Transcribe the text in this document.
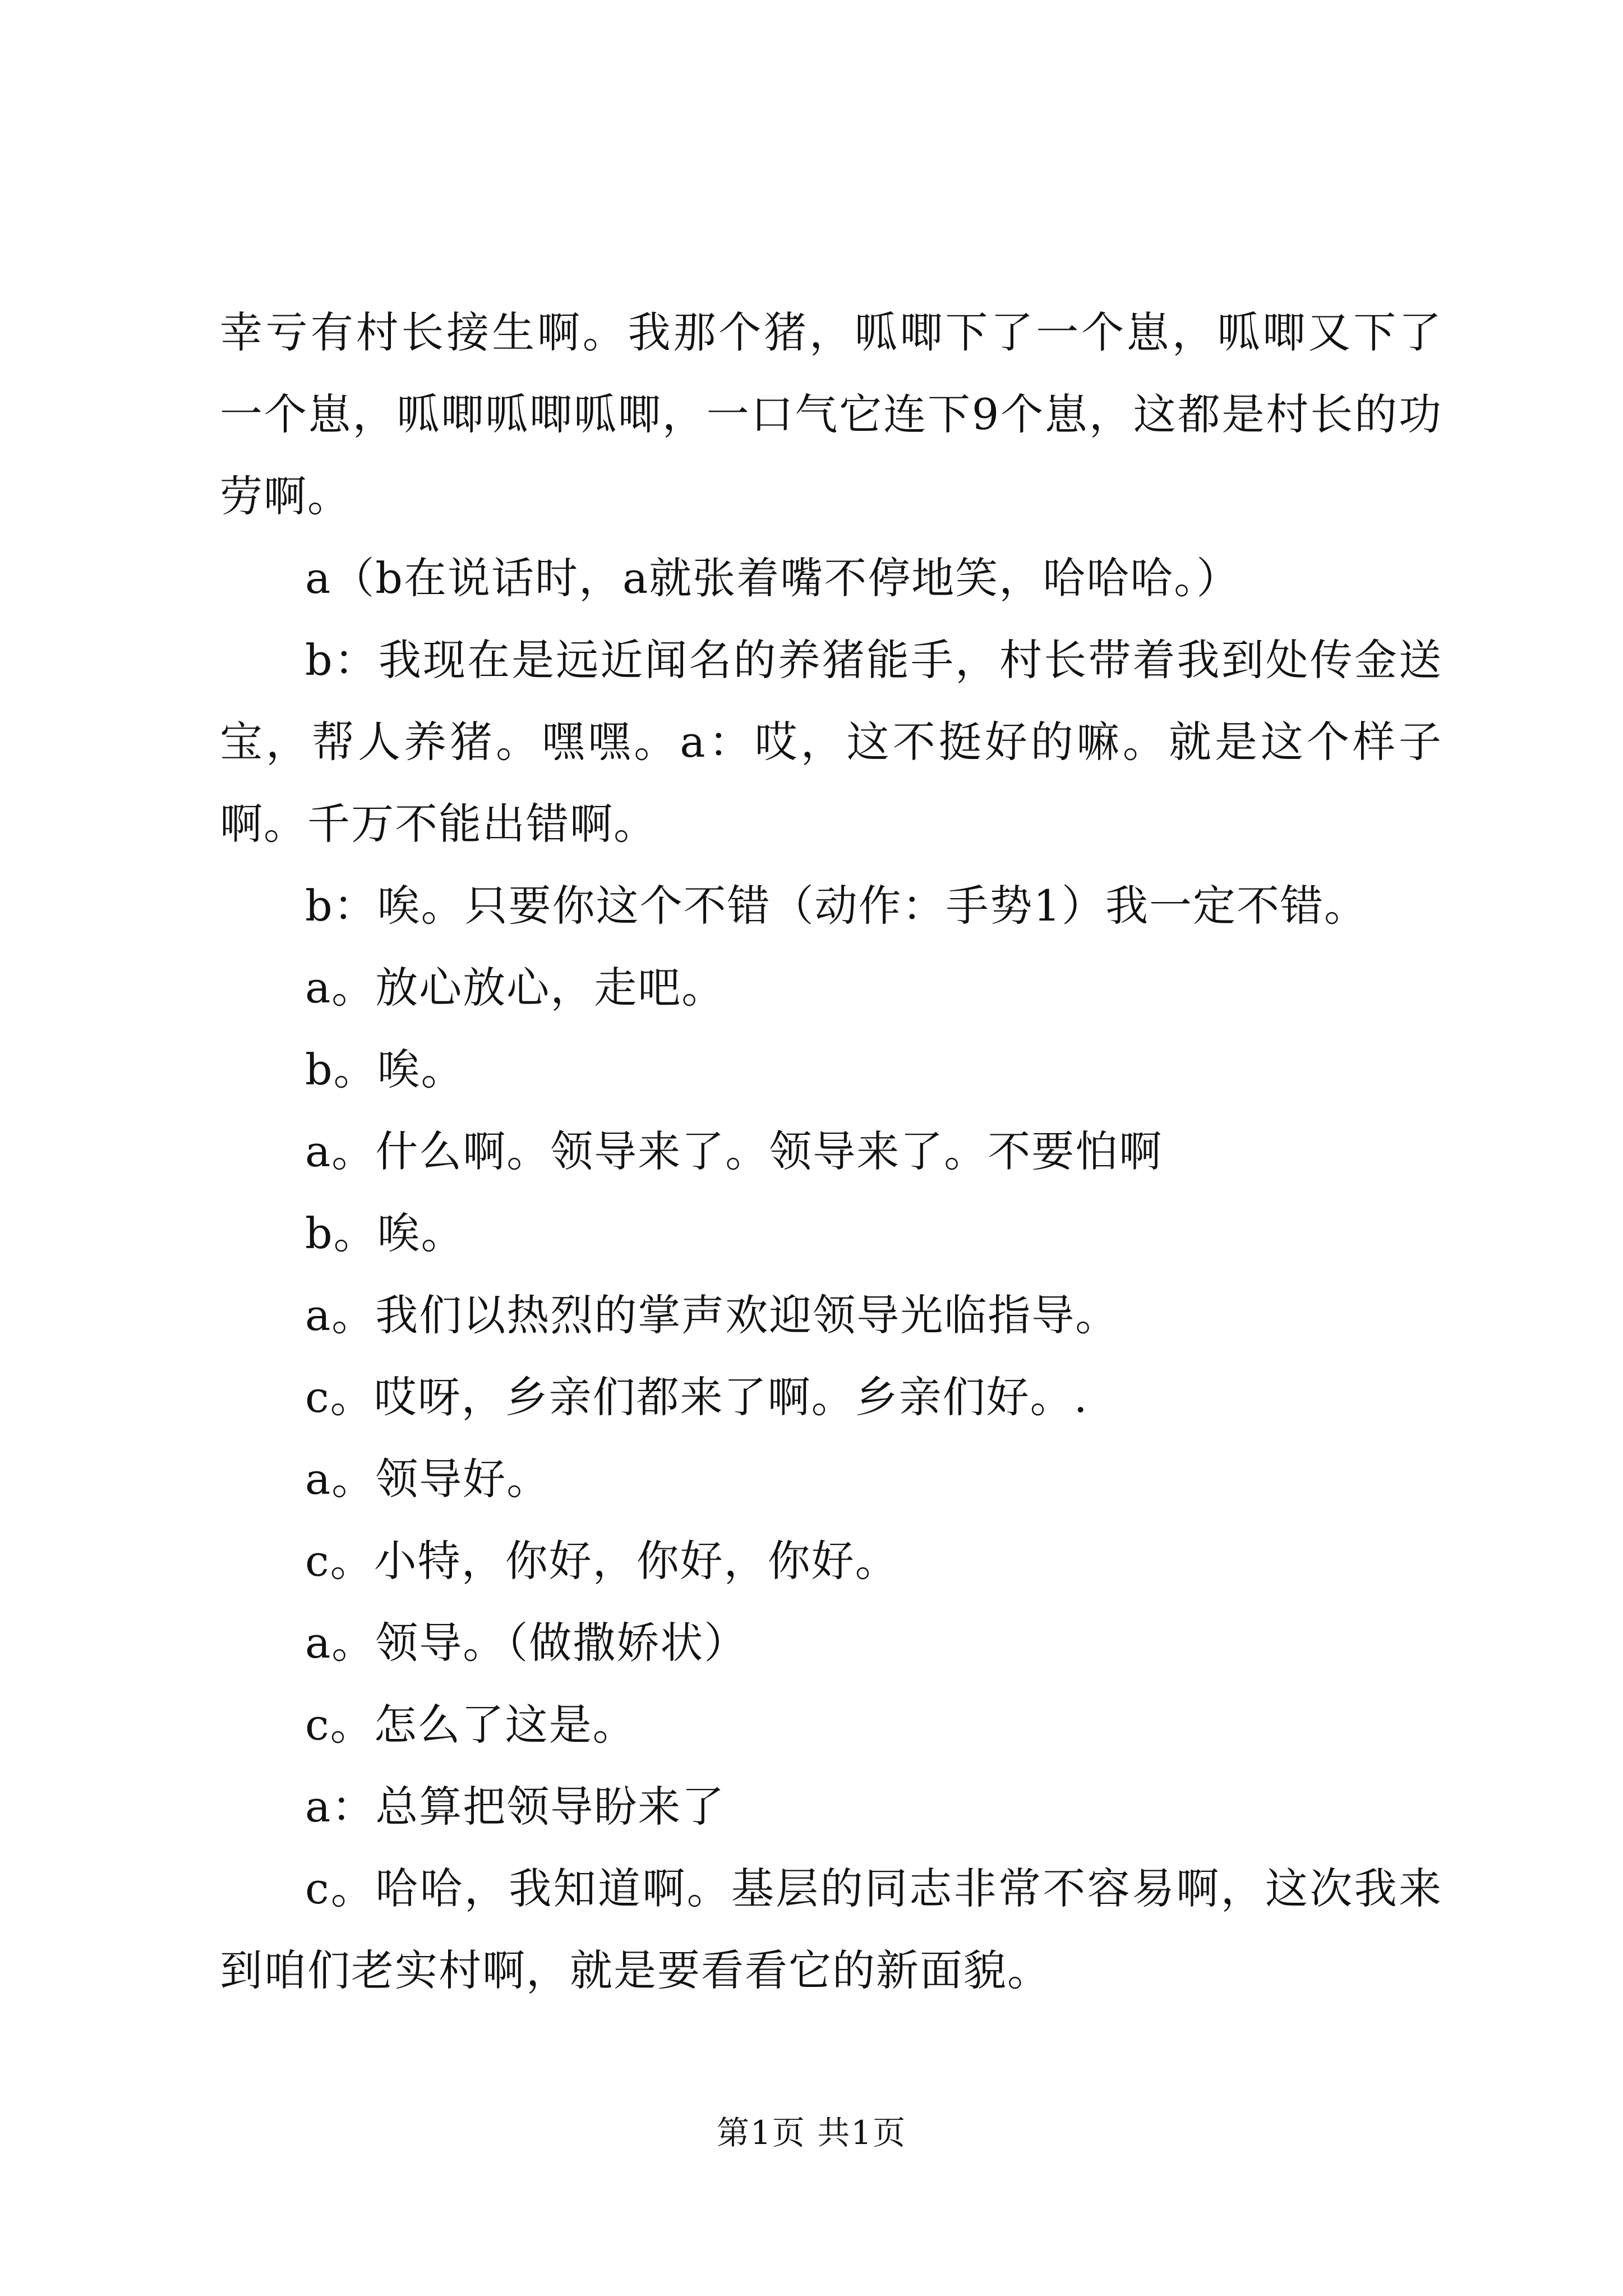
幸亏有村长接生啊。我那个猪，呱唧下了一个崽，呱唧又下了一个崽，呱唧呱唧呱唧，一口气它连下9个崽，这都是村长的功劳啊。

a（b在说话时，a就张着嘴不停地笑，哈哈哈。）

b：我现在是远近闻名的养猪能手，村长带着我到处传金送宝，帮人养猪。嘿嘿。a：哎，这不挺好的嘛。就是这个样子啊。千万不能出错啊。

b：唉。只要你这个不错（动作：手势1）我一定不错。

a。放心放心，走吧。

b。唉。

a。什么啊。领导来了。领导来了。不要怕啊

b。唉。

a。我们以热烈的掌声欢迎领导光临指导。

c。哎呀，乡亲们都来了啊。乡亲们好。.

a。领导好。

c。小特，你好，你好，你好。

a。领导。（做撒娇状）

c。怎么了这是。

a：总算把领导盼来了

c。哈哈，我知道啊。基层的同志非常不容易啊，这次我来到咱们老实村啊，就是要看看它的新面貌。

第1页 共1页
